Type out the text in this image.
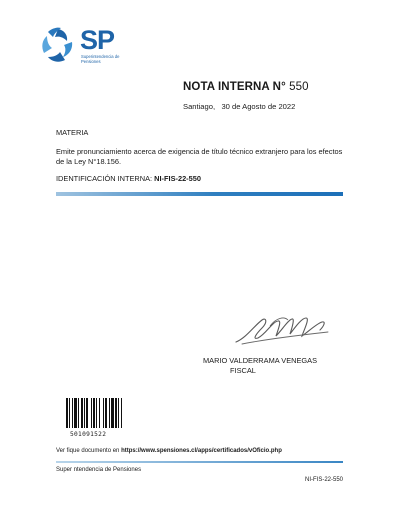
SP
Superintendencia de Pensiones
NOTA INTERNA N° 550
Santiago, 30 de Agosto de 2022
MATERIA
Emite pronunciamiento acerca de exigencia de título técnico extranjero para los efectos de la Ley N°18.156.
IDENTIFICACIÓN INTERNA: NI-FIS-22-550
MARIO VALDERRAMA VENEGAS
FISCAL
501091522
Ver fique documento en https://www.spensiones.cl/apps/certificados/vOficio.php
Super ntendencia de Pensiones
NI-FIS-22-550
